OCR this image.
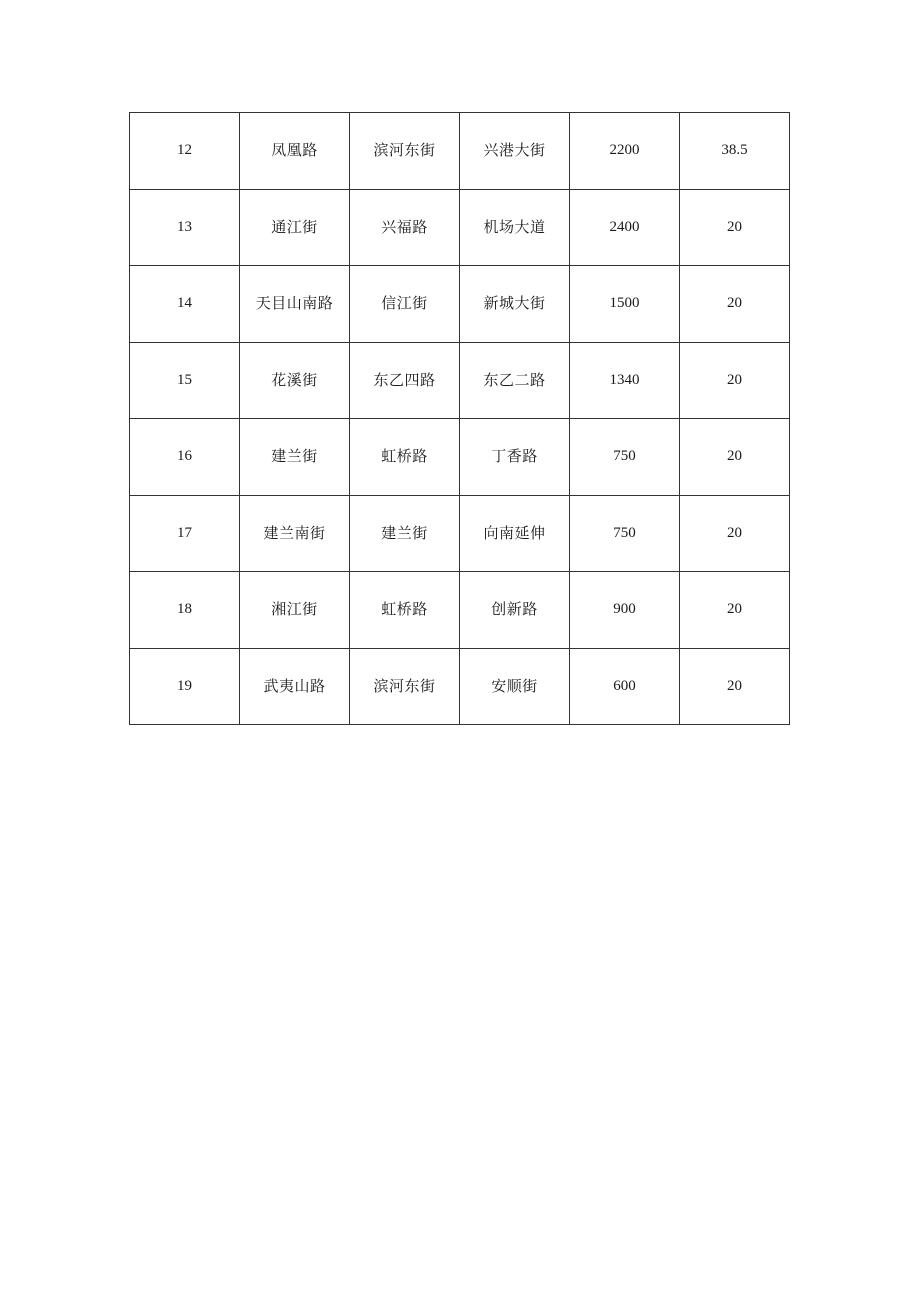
12	凤凰路	滨河东街	兴港大街	2200	38.5
13	通江街	兴福路	机场大道	2400	20
14	天目山南路	信江街	新城大街	1500	20
15	花溪街	东乙四路	东乙二路	1340	20
16	建兰街	虹桥路	丁香路	750	20
17	建兰南街	建兰街	向南延伸	750	20
18	湘江街	虹桥路	创新路	900	20
19	武夷山路	滨河东街	安顺街	600	20
